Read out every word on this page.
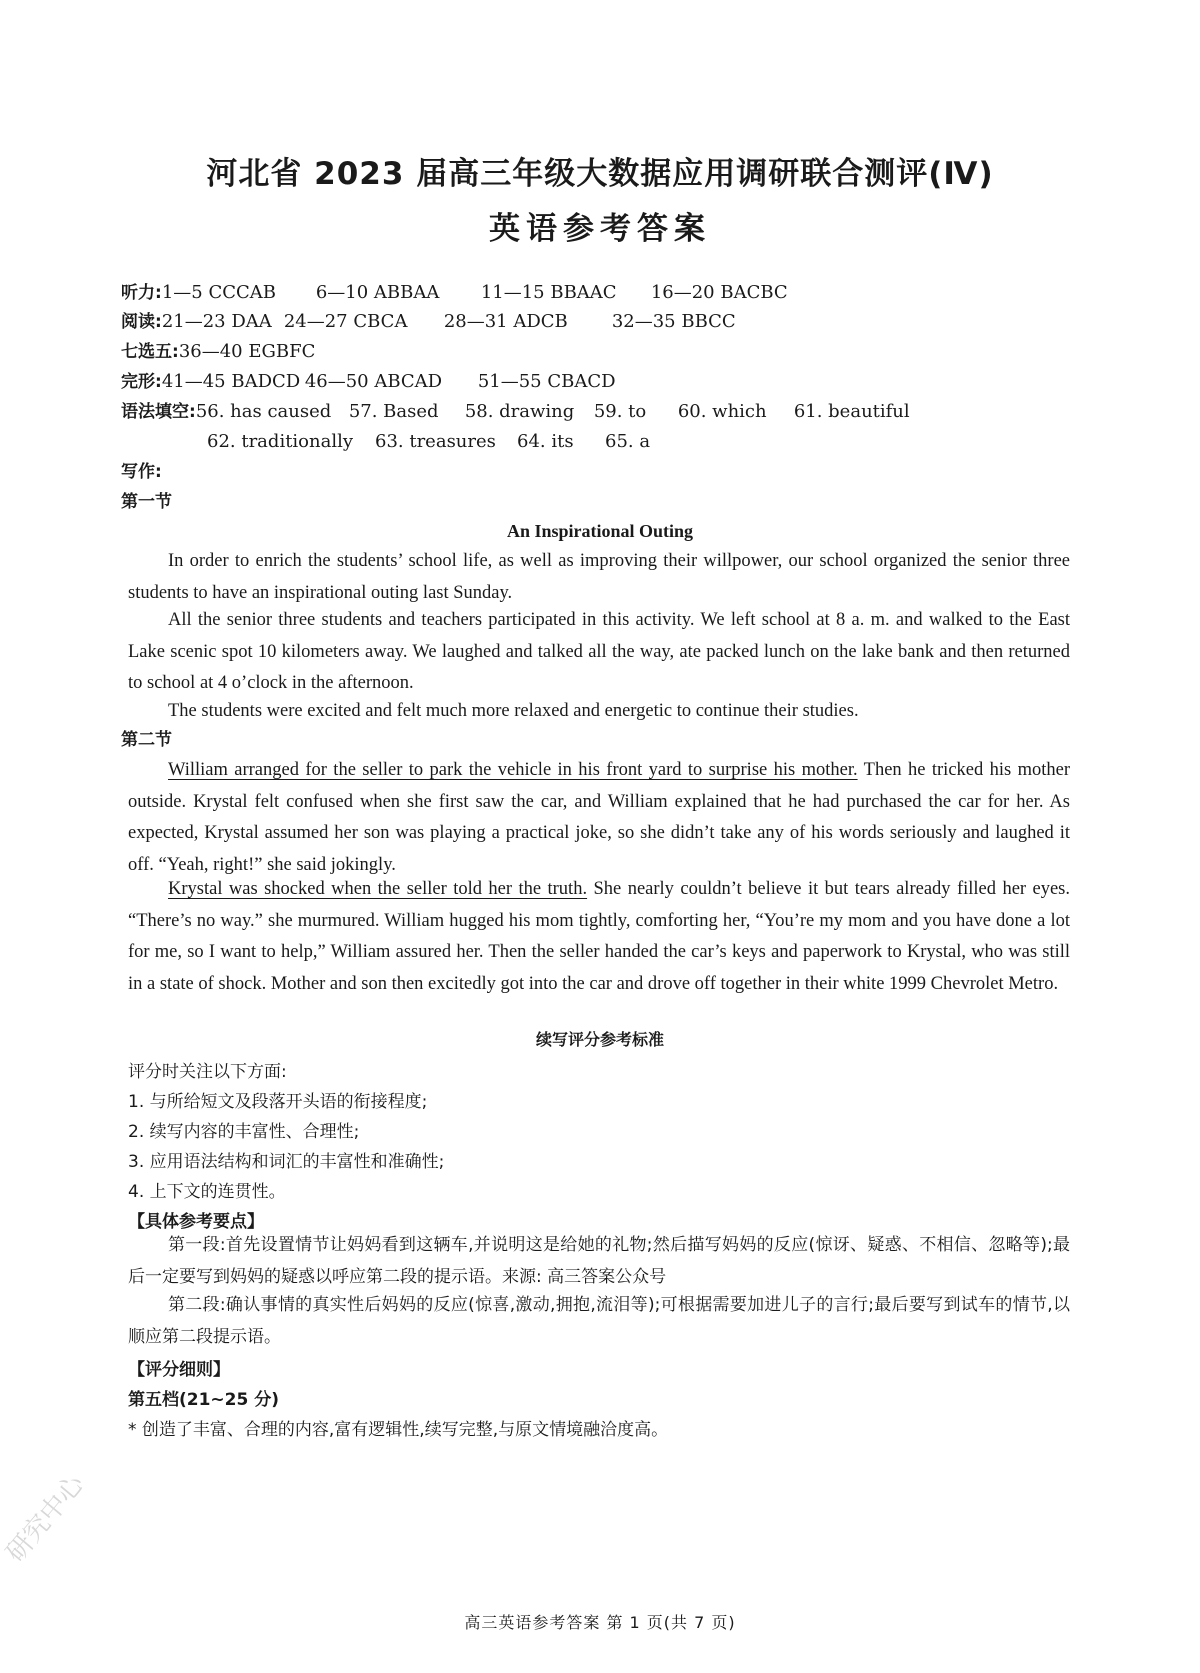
河北省 2023 届高三年级大数据应用调研联合测评(Ⅳ)
英语参考答案
听力:1—5 CCCAB 6—10 ABBAA 11—15 BBAAC 16—20 BACBC
阅读:21—23 DAA 24—27 CBCA 28—31 ADCB 32—35 BBCC
七选五:36—40 EGBFC
完形:41—45 BADCD 46—50 ABCAD 51—55 CBACD
语法填空:56. has caused 57. Based 58. drawing 59. to 60. which 61. beautiful
62. traditionally 63. treasures 64. its 65. a
写作:
第一节
An Inspirational Outing
In order to enrich the students’ school life, as well as improving their willpower, our school organized the senior three students to have an inspirational outing last Sunday.
All the senior three students and teachers participated in this activity. We left school at 8 a. m. and walked to the East Lake scenic spot 10 kilometers away. We laughed and talked all the way, ate packed lunch on the lake bank and then returned to school at 4 o’clock in the afternoon.
The students were excited and felt much more relaxed and energetic to continue their studies.
第二节
William arranged for the seller to park the vehicle in his front yard to surprise his mother. Then he tricked his mother outside. Krystal felt confused when she first saw the car, and William explained that he had purchased the car for her. As expected, Krystal assumed her son was playing a practical joke, so she didn’t take any of his words seriously and laughed it off. “Yeah, right!” she said jokingly.
Krystal was shocked when the seller told her the truth. She nearly couldn’t believe it but tears already filled her eyes. “There’s no way.” she murmured. William hugged his mom tightly, comforting her, “You’re my mom and you have done a lot for me, so I want to help,” William assured her. Then the seller handed the car’s keys and paperwork to Krystal, who was still in a state of shock. Mother and son then excitedly got into the car and drove off together in their white 1999 Chevrolet Metro.
续写评分参考标准
评分时关注以下方面:
1. 与所给短文及段落开头语的衔接程度;
2. 续写内容的丰富性、合理性;
3. 应用语法结构和词汇的丰富性和准确性;
4. 上下文的连贯性。
【具体参考要点】
第一段:首先设置情节让妈妈看到这辆车,并说明这是给她的礼物;然后描写妈妈的反应(惊讶、疑惑、不相信、忽略等);最后一定要写到妈妈的疑惑以呼应第二段的提示语。来源: 高三答案公众号
第二段:确认事情的真实性后妈妈的反应(惊喜,激动,拥抱,流泪等);可根据需要加进儿子的言行;最后要写到试车的情节,以顺应第二段提示语。
【评分细则】
第五档(21~25 分)
* 创造了丰富、合理的内容,富有逻辑性,续写完整,与原文情境融洽度高。
高三英语参考答案 第 1 页(共 7 页)
研究中心
